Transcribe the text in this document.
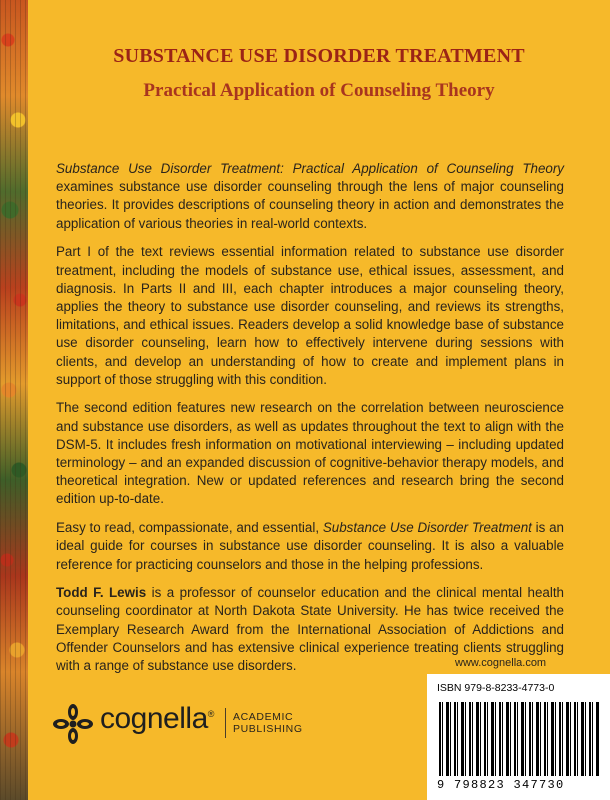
SUBSTANCE USE DISORDER TREATMENT
Practical Application of Counseling Theory

Substance Use Disorder Treatment: Practical Application of Counseling Theory examines substance use disorder counseling through the lens of major counseling theories. It provides descriptions of counseling theory in action and demonstrates the application of various theories in real-world contexts.

Part I of the text reviews essential information related to substance use disorder treatment, including the models of substance use, ethical issues, assessment, and diagnosis. In Parts II and III, each chapter introduces a major counseling theory, applies the theory to substance use disorder counseling, and reviews its strengths, limitations, and ethical issues. Readers develop a solid knowledge base of substance use disorder counseling, learn how to effectively intervene during sessions with clients, and develop an understanding of how to create and implement plans in support of those struggling with this condition.

The second edition features new research on the correlation between neuroscience and substance use disorders, as well as updates throughout the text to align with the DSM-5. It includes fresh information on motivational interviewing – including updated terminology – and an expanded discussion of cognitive-behavior therapy models, and theoretical integration. New or updated references and research bring the second edition up-to-date.

Easy to read, compassionate, and essential, Substance Use Disorder Treatment is an ideal guide for courses in substance use disorder counseling. It is also a valuable reference for practicing counselors and those in the helping professions.

Todd F. Lewis is a professor of counselor education and the clinical mental health counseling coordinator at North Dakota State University. He has twice received the Exemplary Research Award from the International Association of Addictions and Offender Counselors and has extensive clinical experience treating clients struggling with a range of substance use disorders.	www.cognella.com
ISBN 979-8-8233-4773-0
9 798823 347730
cognella® ACADEMIC
PUBLISHING
